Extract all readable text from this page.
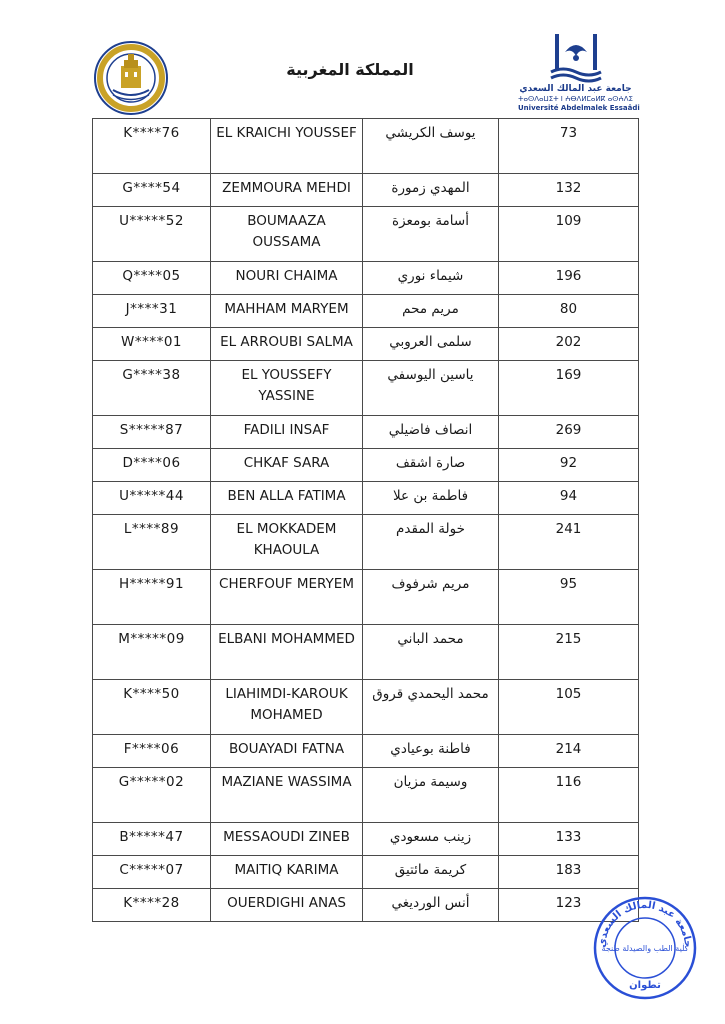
المملكة المغربية
جامعة عبد المالك السعدي
ⵜⴰⵙⴷⴰⵡⵉⵜ ⵏ ⵄⴱⴷⵍⵎⴰⵍⴽ ⴰⵙⵄⴷⵉ
Université Abdelmalek Essaâdi
K****76	EL KRAICHI YOUSSEF	يوسف الكريشي	73
G****54	ZEMMOURA MEHDI	المهدي زمورة	132
U*****52	BOUMAAZA OUSSAMA	أسامة بومعزة	109
Q****05	NOURI CHAIMA	شيماء نوري	196
J****31	MAHHAM MARYEM	مريم محم	80
W****01	EL ARROUBI SALMA	سلمى العروبي	202
G****38	EL YOUSSEFY YASSINE	ياسين اليوسفي	169
S*****87	FADILI INSAF	انصاف فاضيلي	269
D****06	CHKAF SARA	صارة اشقف	92
U*****44	BEN ALLA FATIMA	فاطمة بن علا	94
L****89	EL MOKKADEM KHAOULA	خولة المقدم	241
H*****91	CHERFOUF MERYEM	مريم شرفوف	95
M*****09	ELBANI MOHAMMED	محمد الباني	215
K****50	LIAHIMDI-KAROUK MOHAMED	محمد اليحمدي قروق	105
F****06	BOUAYADI FATNA	فاطنة بوعيادي	214
G*****02	MAZIANE WASSIMA	وسيمة مزيان	116
B*****47	MESSAOUDI ZINEB	زينب مسعودي	133
C*****07	MAITIQ KARIMA	كريمة مائتيق	183
K****28	OUERDIGHI ANAS	أنس الورديغي	123
جامعة عبد المالك السعدي
كلية الطب والصيدلة طنجة
تطوان
